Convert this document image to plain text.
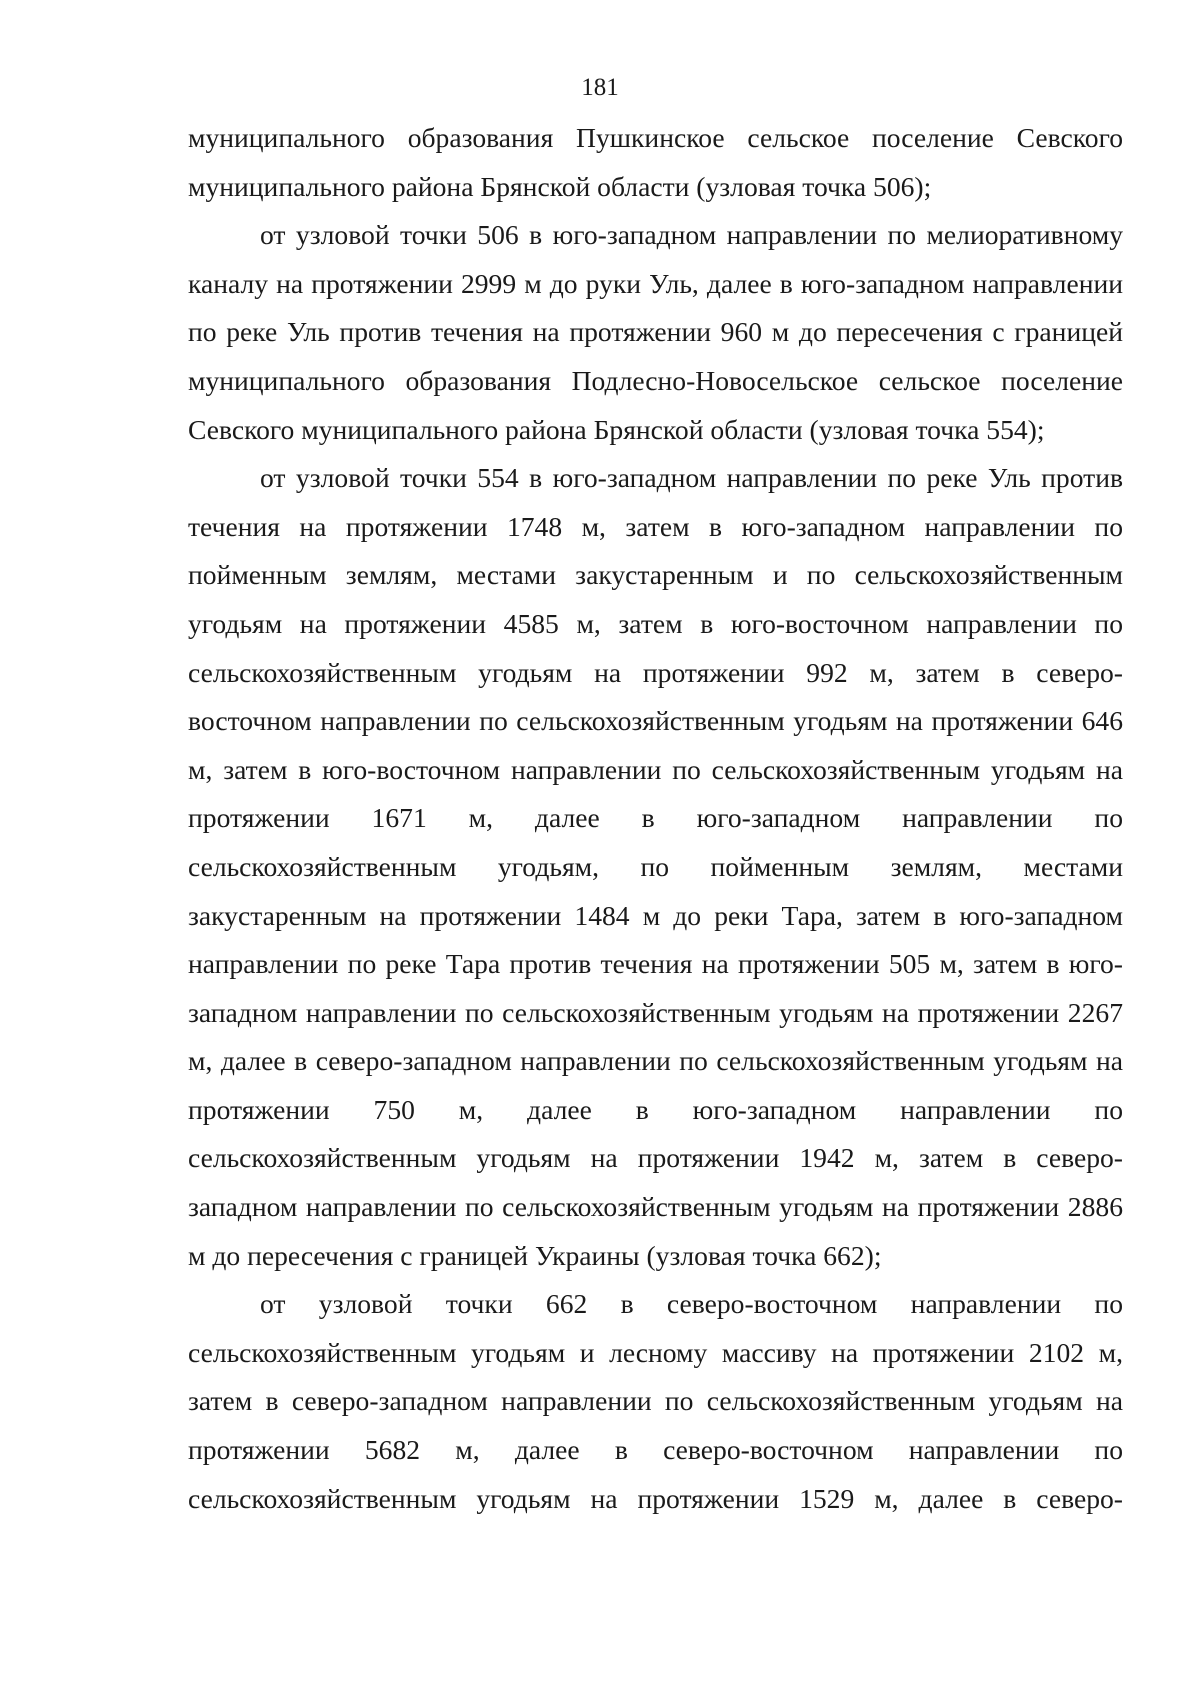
181

муниципального образования Пушкинское сельское поселение Севского муниципального района Брянской области (узловая точка 506);

от узловой точки 506 в юго-западном направлении по мелиоративному каналу на протяжении 2999 м до руки Уль, далее в юго-западном направлении по реке Уль против течения на протяжении 960 м до пересечения с границей муниципального образования Подлесно-Новосельское сельское поселение Севского муниципального района Брянской области (узловая точка 554);

от узловой точки 554 в юго-западном направлении по реке Уль против течения на протяжении 1748 м, затем в юго-западном направлении по пойменным землям, местами закустаренным и по сельскохозяйственным угодьям на протяжении 4585 м, затем в юго-восточном направлении по сельскохозяйственным угодьям на протяжении 992 м, затем в северо-восточном направлении по сельскохозяйственным угодьям на протяжении 646 м, затем в юго-восточном направлении по сельскохозяйственным угодьям на протяжении 1671 м, далее в юго-западном направлении по сельскохозяйственным угодьям, по пойменным землям, местами закустаренным на протяжении 1484 м до реки Тара, затем в юго-западном направлении по реке Тара против течения на протяжении 505 м, затем в юго-западном направлении по сельскохозяйственным угодьям на протяжении 2267 м, далее в северо-западном направлении по сельскохозяйственным угодьям на протяжении 750 м, далее в юго-западном направлении по сельскохозяйственным угодьям на протяжении 1942 м, затем в северо-западном направлении по сельскохозяйственным угодьям на протяжении 2886 м до пересечения с границей Украины (узловая точка 662);

от узловой точки 662 в северо-восточном направлении по сельскохозяйственным угодьям и лесному массиву на протяжении 2102 м, затем в северо-западном направлении по сельскохозяйственным угодьям на протяжении 5682 м, далее в северо-восточном направлении по сельскохозяйственным угодьям на протяжении 1529 м, далее в северо-
